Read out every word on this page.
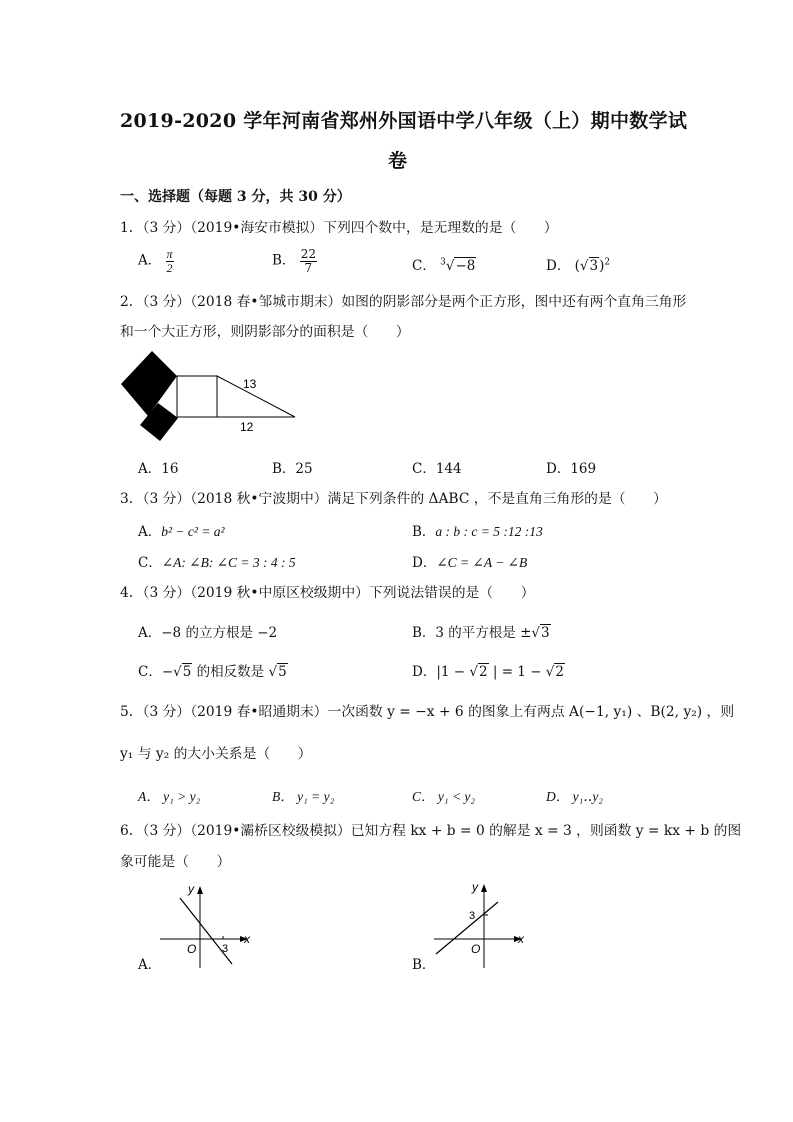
2019-2020 学年河南省郑州外国语中学八年级（上）期中数学试
卷
一、选择题（每题 3 分，共 30 分）
1．（3 分）（2019•海安市模拟）下列四个数中，是无理数的是（　　）
A． $\frac{\pi}{2}$	B． $\frac{22}{7}$	C． $^3$√−8	D． $(√3)^2$
2．（3 分）（2018 春•邹城市期末）如图的阴影部分是两个正方形，图中还有两个直角三角形
和一个大正方形，则阴影部分的面积是（　　）
13
12
A．16	B．25	C．144	D．169
3．（3 分）（2018 秋•宁波期中）满足下列条件的 ΔABC ，不是直角三角形的是（　　）
A．b² − c² = a²	B．a : b : c = 5 :12 :13
C．∠A: ∠B: ∠C = 3 : 4 : 5	D．∠C = ∠A − ∠B
4．（3 分）（2019 秋•中原区校级期中）下列说法错误的是（　　）
A．−8 的立方根是 −2	B．3 的平方根是 ±√3
C．−√5 的相反数是 √5	D．|1 − √2 | = 1 − √2
5．（3 分）（2019 春•昭通期末）一次函数 y = −x + 6 的图象上有两点 A(−1, y₁) 、B(2, y₂) ，则
y₁ 与 y₂ 的大小关系是（　　）
A． y₁ > y₂	B． y₁ = y₂	C． y₁ < y₂	D． y₁‥y₂
6．（3 分）（2019•灞桥区校级模拟）已知方程 kx + b = 0 的解是 x = 3 ，则函数 y = kx + b 的图
象可能是（　　）
A．
x
y
O 3
B．
y
x
3
O
